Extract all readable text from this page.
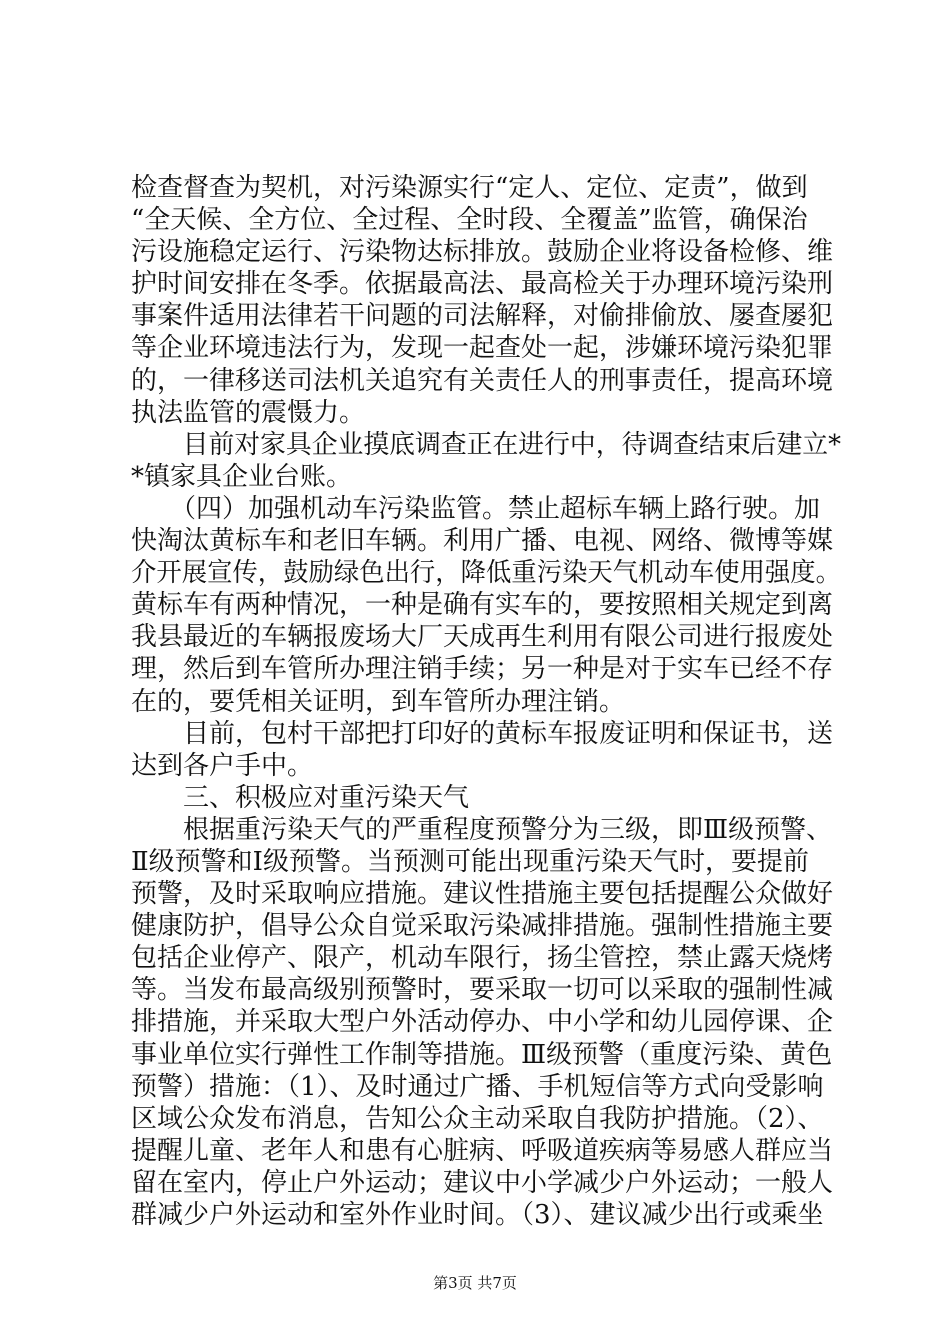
检查督查为契机，对污染源实行“定人、定位、定责”，做到
“全天候、全方位、全过程、全时段、全覆盖”监管，确保治
污设施稳定运行、污染物达标排放。鼓励企业将设备检修、维
护时间安排在冬季。依据最高法、最高检关于办理环境污染刑
事案件适用法律若干问题的司法解释，对偷排偷放、屡查屡犯
等企业环境违法行为，发现一起查处一起，涉嫌环境污染犯罪
的，一律移送司法机关追究有关责任人的刑事责任，提高环境
执法监管的震慑力。
　　目前对家具企业摸底调查正在进行中，待调查结束后建立*
*镇家具企业台账。
　　（四）加强机动车污染监管。禁止超标车辆上路行驶。加
快淘汰黄标车和老旧车辆。利用广播、电视、网络、微博等媒
介开展宣传，鼓励绿色出行，降低重污染天气机动车使用强度。
黄标车有两种情况，一种是确有实车的，要按照相关规定到离
我县最近的车辆报废场大厂天成再生利用有限公司进行报废处
理，然后到车管所办理注销手续；另一种是对于实车已经不存
在的，要凭相关证明，到车管所办理注销。
　　目前，包村干部把打印好的黄标车报废证明和保证书，送
达到各户手中。
　　三、积极应对重污染天气
　　根据重污染天气的严重程度预警分为三级，即Ⅲ级预警、
Ⅱ级预警和Ⅰ级预警。当预测可能出现重污染天气时，要提前
预警，及时采取响应措施。建议性措施主要包括提醒公众做好
健康防护，倡导公众自觉采取污染减排措施。强制性措施主要
包括企业停产、限产，机动车限行，扬尘管控，禁止露天烧烤
等。当发布最高级别预警时，要采取一切可以采取的强制性减
排措施，并采取大型户外活动停办、中小学和幼儿园停课、企
事业单位实行弹性工作制等措施。Ⅲ级预警（重度污染、黄色
预警）措施：（1）、及时通过广播、手机短信等方式向受影响
区域公众发布消息，告知公众主动采取自我防护措施。（2）、
提醒儿童、老年人和患有心脏病、呼吸道疾病等易感人群应当
留在室内，停止户外运动；建议中小学减少户外运动；一般人
群减少户外运动和室外作业时间。（3）、建议减少出行或乘坐
第3页 共7页
